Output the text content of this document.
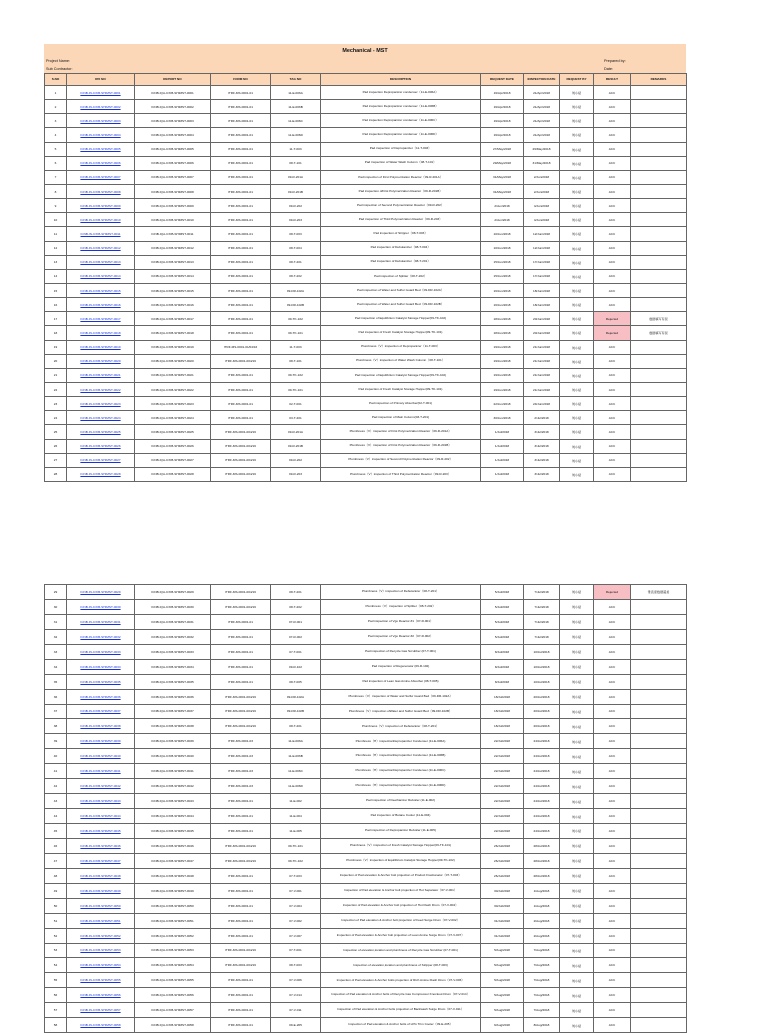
Mechanical - MST
Project Name:	Prepared by:
Sub Contractor:	Date:
S.NO	RFI NO	REPORT NO	FORM NO	TAG NO	DESCRIPTION	REQUEST DATE	INSPECTION DATE	REQUEST BY	RESULT	REMARKS
1	ICNB-IN-CXIB-SHIMST-0001	ICNB-IQA-CXIB-SHIMST-0001	ITRF-MS-0001-01	11-E-006A	Pad inspection Depropanizer condenser（11-E-006A）	19/Apr/2018	21/Apr/2018	刘小斌	ACC	
2	ICNB-IN-CXIB-SHIMST-0002	ICNB-IQA-CXIB-SHIMST-0002	ITRF-MS-0001-01	11-E-006B	Pad inspection Depropanizer condenser（11-E-006B）	19/Apr/2018	21/Apr/2018	刘小斌	ACC	
3	ICNB-IN-CXIB-SHIMST-0003	ICNB-IQA-CXIB-SHIMST-0003	ITRF-MS-0001-01	11-E-006C	Pad inspection Depropanizer condenser（11-E-006C）	19/Apr/2018	21/Apr/2018	刘小斌	ACC	
4	ICNB-IN-CXIB-SHIMST-0004	ICNB-IQA-CXIB-SHIMST-0004	ITRF-MS-0001-01	11-E-006D	Pad inspection Depropanizer condenser（11-E-006D）	19/Apr/2018	21/Apr/2018	刘小斌	ACC	
5	ICNB-IN-CXIB-SHIMST-0005	ICNB-IQA-CXIB-SHIMST-0005	ITRF-MS-0001-01	11-T-003	Pad inspection of Depropanizer（11-T-003）	27/May/2018	29/May/2018	刘小斌	ACC	
6	ICNB-IN-CXIB-SHIMST-0006	ICNB-IQA-CXIB-SHIMST-0006	ITRF-MS-0001-01	08-T-101	Pad inspection of Water Wash Column（08-T-101）	29/May/2018	31/May/2018	刘小斌	ACC	
7	ICNB-IN-CXIB-SHIMST-0007	ICNB-IQA-CXIB-SHIMST-0007	ITRF-MS-0001-01	09-R-201A	Pad inspection of First Polymerization Reactor（09-R-201A）	31/May/2018	2/Jun/2018	刘小斌	ACC	
8	ICNB-IN-CXIB-SHIMST-0008	ICNB-IQA-CXIB-SHIMST-0008	ITRF-MS-0001-01	09-R-201B	Pad inspection ofFirst Polymerization Reactor（09-R-201B）	31/May/2018	2/Jun/2018	刘小斌	ACC	
9	ICNB-IN-CXIB-SHIMST-0009	ICNB-IQA-CXIB-SHIMST-0009	ITRF-MS-0001-01	09-R-202	Pad inspection of Second Polymerization Reactor（09-R-202）	2/Jun/2018	4/Jun/2018	刘小斌	ACC	
10	ICNB-IN-CXIB-SHIMST-0010	ICNB-IQA-CXIB-SHIMST-0010	ITRF-MS-0001-01	09-R-203	Pad inspection of Third Polymerization Reactor（09-R-203）	2/Jun/2018	4/Jun/2018	刘小斌	ACC	
11	ICNB-IN-CXIB-SHIMST-0011	ICNB-IQA-CXIB-SHIMST-0011	ITRF-MS-0001-01	08-T-003	Pad inspection of Stripper（08-T-003）	10/Jun/2018	12/Jun/2018	刘小斌	ACC	
12	ICNB-IN-CXIB-SHIMST-0012	ICNB-IQA-CXIB-SHIMST-0012	ITRF-MS-0001-01	08-T-004	Pad inspection of Debutanizer（08-T-004）	10/Jun/2018	12/Jun/2018	刘小斌	ACC	
13	ICNB-IN-CXIB-SHIMST-0013	ICNB-IQA-CXIB-SHIMST-0013	ITRF-MS-0001-01	08-T-201	Pad inspection of Debutanizer（08-T-201）	15/Jun/2018	17/Jun/2018	刘小斌	ACC	
14	ICNB-IN-CXIB-SHIMST-0014	ICNB-IQA-CXIB-SHIMST-0014	ITRF-MS-0001-01	08-T-202	Pad inspection of Splitter（08-T-202）	15/Jun/2018	17/Jun/2018	刘小斌	ACC	
15	ICNB-IN-CXIB-SHIMST-0015	ICNB-IQA-CXIB-SHIMST-0015	ITRF-MS-0001-01	09-DR-102A	Pad inspection of Water and Sulfur Guard Bed（09-DR-102A）	16/Jun/2018	18/Jun/2018	刘小斌	ACC	
16	ICNB-IN-CXIB-SHIMST-0016	ICNB-IQA-CXIB-SHIMST-0016	ITRF-MS-0001-01	09-DR-102B	Pad inspection of Water and Sulfur Guard Bed（09-DR-102B）	16/Jun/2018	18/Jun/2018	刘小斌	ACC	
17	ICNB-IN-CXIB-SHIMST-0017	ICNB-IQA-CXIB-SHIMST-0017	ITRF-MS-0001-01	09-TK-102	Pad inspection of Equilibrium Catalyst Storage Hopper(09-TK-102)	18/Jun/2018	20/Jun/2018	刘小斌	Rejected	数据填写有误
18	ICNB-IN-CXIB-SHIMST-0018	ICNB-IQA-CXIB-SHIMST-0018	ITRF-MS-0001-01	09-TK-101	Pad inspection of Fresh Catalyst Storage Hopper(09-TK-101)	18/Jun/2018	20/Jun/2018	刘小斌	Rejected	数据填写有误
19	ICNB-IN-CXIB-SHIMST-0019	ICNB-IQA-CXIB-SHIMST-0019	ITRF-MS-0001-01/04/16	11-T-003	Plumbness（V）inspection of Depropanizer（11-T-003）	19/Jun/2018	21/Jun/2018	刘小斌	ACC	
20	ICNB-IN-CXIB-SHIMST-0020	ICNB-IQA-CXIB-SHIMST-0020	ITRF-MS-0001-004/16	08-T-101	Plumbness（V）inspection of Water Wash Column（08-T-101）	19/Jun/2018	21/Jun/2018	刘小斌	ACC	
21	ICNB-IN-CXIB-SHIMST-0021	ICNB-IQA-CXIB-SHIMST-0021	ITRF-MS-0001-01	09-TK-102	Pad inspection of Equilibrium Catalyst Storage Hopper(09-TK-102)	19/Jun/2018	21/Jun/2018	刘小斌	ACC	
22	ICNB-IN-CXIB-SHIMST-0022	ICNB-IQA-CXIB-SHIMST-0022	ITRF-MS-0001-01	09-TK-101	Pad inspection of Fresh Catalyst Storage Hopper(09-TK-101)	19/Jun/2018	21/Jun/2018	刘小斌	ACC	
23	ICNB-IN-CXIB-SHIMST-0023	ICNB-IQA-CXIB-SHIMST-0023	ITRF-MS-0001-01	02-T-001	Pad inspection of Primary Absorber(02-T-001)	22/Jun/2018	24/Jun/2018	刘小斌	ACC	
24	ICNB-IN-CXIB-SHIMST-0024	ICNB-IQA-CXIB-SHIMST-0024	ITRF-MS-0001-01	03-T-201	Pad inspection of Main Column(03-T-201)	30/Jun/2018	2/Jul/2018	刘小斌	ACC	
25	ICNB-IN-CXIB-SHIMST-0025	ICNB-IQA-CXIB-SHIMST-0025	ITRF-MS-0001-004/16	09-R-201A	Plumbness（V）inspection of First Polymerization Reactor（09-R-201A）	1/Jul/2018	3/Jul/2018	刘小斌	ACC	
26	ICNB-IN-CXIB-SHIMST-0026	ICNB-IQA-CXIB-SHIMST-0026	ITRF-MS-0001-004/16	09-R-201B	Plumbness（V）inspection of First Polymerization Reactor（09-R-201B）	1/Jul/2018	3/Jul/2018	刘小斌	ACC	
27	ICNB-IN-CXIB-SHIMST-0027	ICNB-IQA-CXIB-SHIMST-0027	ITRF-MS-0001-004/16	09-R-202	Plumbness（V）inspection of Second Polymerization Reactor（09-R-202）	1/Jul/2018	3/Jul/2018	刘小斌	ACC	
28	ICNB-IN-CXIB-SHIMST-0028	ICNB-IQA-CXIB-SHIMST-0028	ITRF-MS-0001-004/16	09-R-203	Plumbness（V）inspection of Third Polymerization Reactor（09-R-203）	1/Jul/2018	3/Jul/2018	刘小斌	ACC	
29	ICNB-IN-CXIB-SHIMST-0029	ICNB-IQA-CXIB-SHIMST-0029	ITRF-MS-0001-004/16	08-T-201	Plumbness（V）inspection of Debutanizer（08-T-201）	5/Jul/2018	7/Jul/2018	刘小斌	Rejected	垂直度数据超差
30	ICNB-IN-CXIB-SHIMST-0030	ICNB-IQA-CXIB-SHIMST-0030	ITRF-MS-0001-004/16	08-T-202	Plumbness（V）inspection of Splitter（08-T-202）	5/Jul/2018	7/Jul/2018	刘小斌	ACC	
31	ICNB-IN-CXIB-SHIMST-0031	ICNB-IQA-CXIB-SHIMST-0031	ITRF-MS-0001-01	07-R-001	Pad inspection of Vgo Reactor #1（07-R-001）	5/Jul/2018	7/Jul/2018	刘小斌	ACC	
32	ICNB-IN-CXIB-SHIMST-0032	ICNB-IQA-CXIB-SHIMST-0032	ITRF-MS-0001-01	07-R-002	Pad inspection of Vgo Reactor #2（07-R-002）	5/Jul/2018	7/Jul/2018	刘小斌	ACC	
33	ICNB-IN-CXIB-SHIMST-0033	ICNB-IQA-CXIB-SHIMST-0033	ITRF-MS-0001-01	07-T-001	Pad inspection of Recycle Gas Scrubber (07-T-001)	8/Jul/2018	10/Jul/2018	刘小斌	ACC	
34	ICNB-IN-CXIB-SHIMST-0034	ICNB-IQA-CXIB-SHIMST-0034	ITRF-MS-0001-01	09-R-102	Pad inspection of Regenerator (09-R-102)	8/Jul/2018	10/Jul/2018	刘小斌	ACC	
35	ICNB-IN-CXIB-SHIMST-0035	ICNB-IQA-CXIB-SHIMST-0035	ITRF-MS-0001-01	08-T-005	Pad inspection of Lean Gas Amine Absorber (08-T-005)	8/Jul/2018	10/Jul/2018	刘小斌	ACC	
36	ICNB-IN-CXIB-SHIMST-0036	ICNB-IQA-CXIB-SHIMST-0036	ITRF-MS-0001-004/16	09-DR-102A	Plumbness（V）inspection of Water and Sulfur Guard Bed（09-DR-102A）	18/Jul/2018	20/Jul/2018	刘小斌	ACC	
37	ICNB-IN-CXIB-SHIMST-0037	ICNB-IQA-CXIB-SHIMST-0037	ITRF-MS-0001-004/16	09-DR-102B	Plumbness（V）inspection ofWater and Sulfur Guard Bed（09-DR-102B）	18/Jul/2018	20/Jul/2018	刘小斌	ACC	
38	ICNB-IN-CXIB-SHIMST-0038	ICNB-IQA-CXIB-SHIMST-0038	ITRF-MS-0001-004/16	08-T-201	Plumbness（V）inspection of Debutanizer（08-T-201）	18/Jul/2018	20/Jul/2018	刘小斌	ACC	
39	ICNB-IN-CXIB-SHIMST-0039	ICNB-IQA-CXIB-SHIMST-0039	ITRF-MS-0001-03	11-E-006A	Plumbness（H）inspectionDepropanizer Condenser (11-E-006A)	22/Jul/2018	24/Jul/2018	刘小斌	ACC	
40	ICNB-IN-CXIB-SHIMST-0040	ICNB-IQA-CXIB-SHIMST-0040	ITRF-MS-0001-03	11-E-006B	Plumbness（H）inspectionDepropanizer Condenser (11-E-006B)	22/Jul/2018	24/Jul/2018	刘小斌	ACC	
41	ICNB-IN-CXIB-SHIMST-0041	ICNB-IQA-CXIB-SHIMST-0041	ITRF-MS-0001-03	11-E-006C	Plumbness（H）inspectionDepropanizer Condenser (11-E-006C)	22/Jul/2018	24/Jul/2018	刘小斌	ACC	
42	ICNB-IN-CXIB-SHIMST-0042	ICNB-IQA-CXIB-SHIMST-0042	ITRF-MS-0001-03	11-E-006D	Plumbness（H）inspectionDepropanizer Condenser (11-E-006D)	22/Jul/2018	24/Jul/2018	刘小斌	ACC	
43	ICNB-IN-CXIB-SHIMST-0043	ICNB-IQA-CXIB-SHIMST-0043	ITRF-MS-0001-01	11-E-002	Pad inspection of Deethanizer Reboiler (11-E-002)	22/Jul/2018	24/Jul/2018	刘小斌	ACC	
44	ICNB-IN-CXIB-SHIMST-0044	ICNB-IQA-CXIB-SHIMST-0044	ITRF-MS-0001-01	11-E-004	Pad inspection of Butane Cooler (11-E-004)	22/Jul/2018	24/Jul/2018	刘小斌	ACC	
45	ICNB-IN-CXIB-SHIMST-0045	ICNB-IQA-CXIB-SHIMST-0045	ITRF-MS-0001-01	11-E-005	Pad inspection of Depropanizer Reboiler (11-E-005)	22/Jul/2018	24/Jul/2018	刘小斌	ACC	
46	ICNB-IN-CXIB-SHIMST-0046	ICNB-IQA-CXIB-SHIMST-0046	ITRF-MS-0001-004/16	09-TK-101	Plumbness（V）inspection of Fresh Catalyst Storage Hopper(09-TK-101)	26/Jul/2018	28/Jul/2018	刘小斌	ACC	
47	ICNB-IN-CXIB-SHIMST-0047	ICNB-IQA-CXIB-SHIMST-0047	ITRF-MS-0001-004/16	09-TK-102	Plumbness（V）inspection of Equilibrium Catalyst Storage Hopper(09-TK-102)	26/Jul/2018	28/Jul/2018	刘小斌	ACC	
48	ICNB-IN-CXIB-SHIMST-0048	ICNB-IQA-CXIB-SHIMST-0048	ITRF-MS-0001-01	07-T-003	Inspection of Pad elevation & Anchor bolt projection of Product Fractionator（07-T-003）	26/Jul/2018	28/Jul/2018	刘小斌	ACC	
49	ICNB-IN-CXIB-SHIMST-0049	ICNB-IQA-CXIB-SHIMST-0049	ITRF-MS-0001-01	07-V-001	Inspection of Pad elevation & Anchor bolt projection of Hot Separator（07-V-001）	30/Jul/2018	1/Aug/2018	刘小斌	ACC	
50	ICNB-IN-CXIB-SHIMST-0050	ICNB-IQA-CXIB-SHIMST-0050	ITRF-MS-0001-01	07-V-004	Inspection of Pad elevation & Anchor bolt projection of Hot Flash Drum（07-V-004）	30/Jul/2018	1/Aug/2018	刘小斌	ACC	
51	ICNB-IN-CXIB-SHIMST-0051	ICNB-IQA-CXIB-SHIMST-0051	ITRF-MS-0001-01	07-V-002	Inspection of Pad elevation & Anchor bolt projection of Feed Surge Drum（07-V-002）	31/Jul/2018	2/Aug/2018	刘小斌	ACC	
52	ICNB-IN-CXIB-SHIMST-0052	ICNB-IQA-CXIB-SHIMST-0052	ITRF-MS-0001-01	07-V-007	Inspection of Pad elevation & Anchor bolt projection of Lean Amine Surge Drum（07-V-007）	31/Jul/2018	2/Aug/2018	刘小斌	ACC	
53	ICNB-IN-CXIB-SHIMST-0053	ICNB-IQA-CXIB-SHIMST-0053	ITRF-MS-0001-004/16	07-T-001	Inspection of elevation,location and plumbness of Recycle Gas Scrubber (07-T-001)	5/Aug/2018	7/Aug/2018	刘小斌	ACC	
54	ICNB-IN-CXIB-SHIMST-0054	ICNB-IQA-CXIB-SHIMST-0054	ITRF-MS-0001-004/16	08-T-003	Inspection of elevation,location and plumbness of Stripper (08-T-003)	5/Aug/2018	7/Aug/2018	刘小斌	ACC	
55	ICNB-IN-CXIB-SHIMST-0055	ICNB-IQA-CXIB-SHIMST-0055	ITRF-MS-0001-01	07-V-006	Inspection of Pad elevation & Anchor bolts projection of Rich Amine Flash Drum（07-V-006）	5/Aug/2018	7/Aug/2018	刘小斌	ACC	
56	ICNB-IN-CXIB-SHIMST-0056	ICNB-IQA-CXIB-SHIMST-0056	ITRF-MS-0001-01	07-V-014	Inspection of Pad elevation & Anchor bolts of Recycle Gas Compressor Knockout Drum（07-V-014）	5/Aug/2018	7/Aug/2018	刘小斌	ACC	
57	ICNB-IN-CXIB-SHIMST-0057	ICNB-IQA-CXIB-SHIMST-0057	ITRF-MS-0001-01	07-V-011	Inspection of Pad elevation & Anchor bolts projection of Backwash Surge Drum（07-V-011）	5/Aug/2018	7/Aug/2018	刘小斌	ACC	
58	ICNB-IN-CXIB-SHIMST-0058	ICNB-IQA-CXIB-SHIMST-0058	ITRF-MS-0001-01	09-E-205	Inspection of Pad elevation & Anchor bolts of LPG Trim Cooler（09-E-205）	6/Aug/2018	8/Aug/2018	刘小斌	ACC	
